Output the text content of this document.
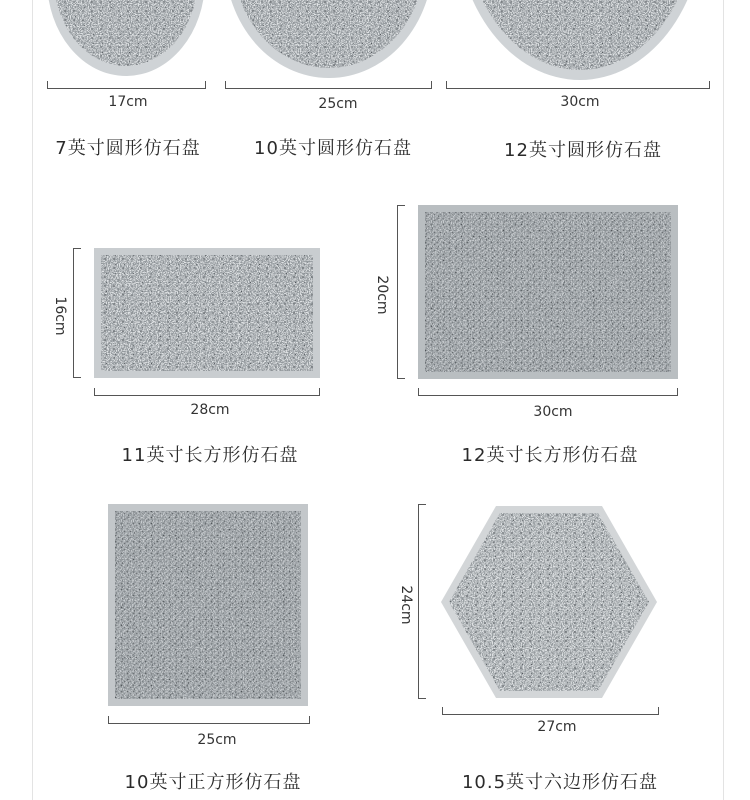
17cm	25cm	30cm
7英寸圆形仿石盘	10英寸圆形仿石盘	12英寸圆形仿石盘
16cm
28cm
11英寸长方形仿石盘
20cm
30cm
12英寸长方形仿石盘
25cm
10英寸正方形仿石盘
24cm
27cm
10.5英寸六边形仿石盘
